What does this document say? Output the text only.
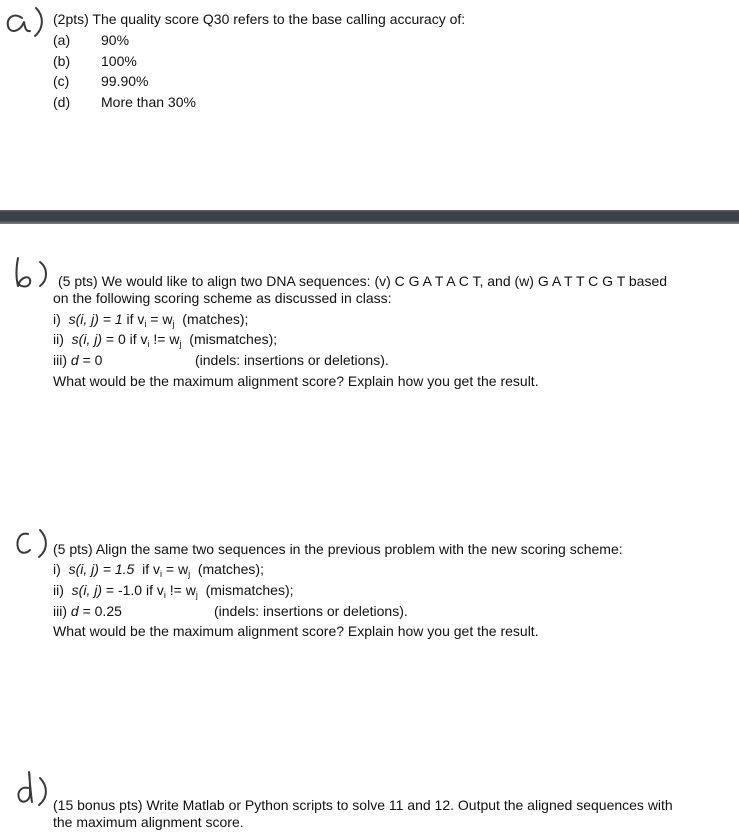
(2pts) The quality score Q30 refers to the base calling accuracy of:
(a)	90%
(b)	100%
(c)	99.90%
(d)	More than 30%
(5 pts) We would like to align two DNA sequences: (v) C G A T A C T, and (w) G A T T C G T based
on the following scoring scheme as discussed in class:
i) s(i, j) = 1 if $v_i = w_j$ (matches);
ii) s(i, j) = 0 if $v_i$ != $w_j$ (mismatches);
iii) d = 0	(indels: insertions or deletions).
What would be the maximum alignment score? Explain how you get the result.
(5 pts) Align the same two sequences in the previous problem with the new scoring scheme:
i) s(i, j) = 1.5 if $v_i = w_j$ (matches);
ii) s(i, j) = -1.0 if $v_i$ != $w_j$ (mismatches);
iii) d = 0.25	(indels: insertions or deletions).
What would be the maximum alignment score? Explain how you get the result.
(15 bonus pts) Write Matlab or Python scripts to solve 11 and 12. Output the aligned sequences with
the maximum alignment score.
